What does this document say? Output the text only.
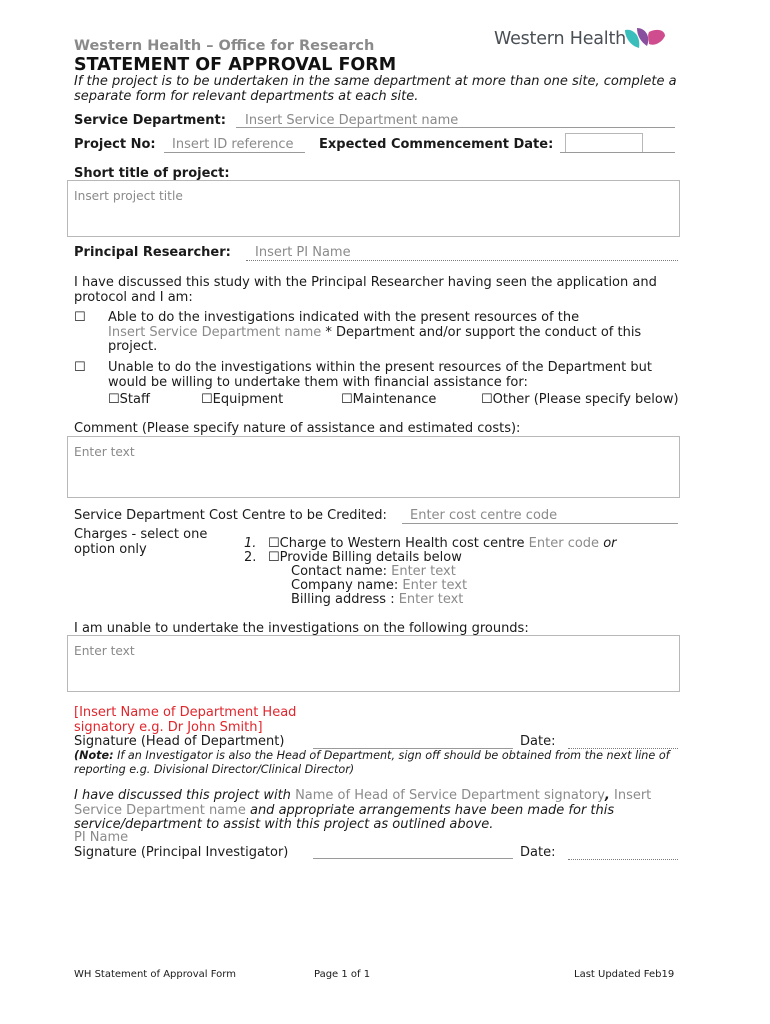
Western Health – Office for Research
STATEMENT OF APPROVAL FORM
Western Health
If the project is to be undertaken in the same department at more than one site, complete a separate form for relevant departments at each site.
Service Department: Insert Service Department name
Project No: Insert ID reference Expected Commencement Date:
Short title of project:
Insert project title
Principal Researcher: Insert PI Name
I have discussed this study with the Principal Researcher having seen the application and protocol and I am:
☐ Able to do the investigations indicated with the present resources of the
Insert Service Department name * Department and/or support the conduct of this project.
☐ Unable to do the investigations within the present resources of the Department but would be willing to undertake them with financial assistance for:
☐Staff	☐Equipment	☐Maintenance	☐Other (Please specify below)
Comment (Please specify nature of assistance and estimated costs):
Enter text
Service Department Cost Centre to be Credited: Enter cost centre code
Charges - select one option only	1. ☐Charge to Western Health cost centre Enter code or
2. ☐Provide Billing details below
Contact name: Enter text
Company name: Enter text
Billing address : Enter text
I am unable to undertake the investigations on the following grounds:
Enter text
[Insert Name of Department Head signatory e.g. Dr John Smith]
Signature (Head of Department)	Date:
(Note: If an Investigator is also the Head of Department, sign off should be obtained from the next line of reporting e.g. Divisional Director/Clinical Director)
I have discussed this project with Name of Head of Service Department signatory, Insert Service Department name and appropriate arrangements have been made for this service/department to assist with this project as outlined above.
PI Name
Signature (Principal Investigator)	Date:
WH Statement of Approval Form	Page 1 of 1	Last Updated Feb19
